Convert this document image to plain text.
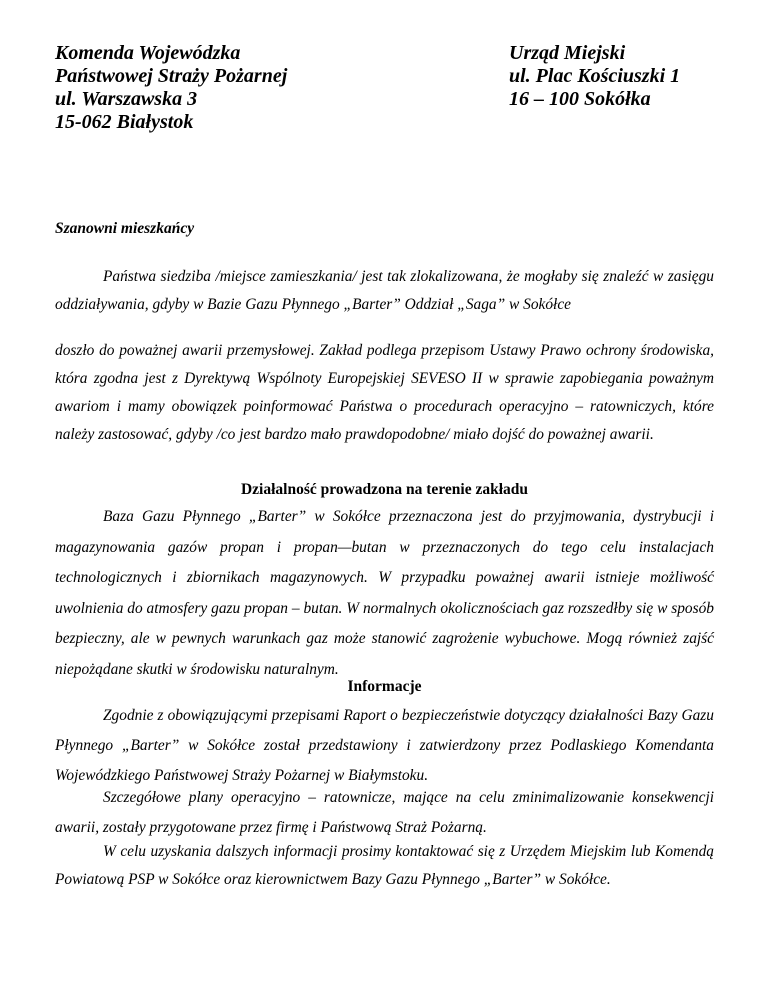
Komenda Wojewódzka
Państwowej Straży Pożarnej
ul. Warszawska 3
15-062 Białystok
Urząd Miejski
ul. Plac Kościuszki 1
16 – 100 Sokółka
Szanowni mieszkańcy

Państwa siedziba /miejsce zamieszkania/ jest tak zlokalizowana, że mogłaby się znaleźć w zasięgu oddziaływania, gdyby w Bazie Gazu Płynnego „Barter” Oddział „Saga” w Sokółce

doszło do poważnej awarii przemysłowej. Zakład podlega przepisom Ustawy Prawo ochrony środowiska, która zgodna jest z Dyrektywą Wspólnoty Europejskiej SEVESO II w sprawie zapobiegania poważnym awariom i mamy obowiązek poinformować Państwa o procedurach operacyjno – ratowniczych, które należy zastosować, gdyby /co jest bardzo mało prawdopodobne/ miało dojść do poważnej awarii.

Działalność prowadzona na terenie zakładu

Baza Gazu Płynnego „Barter” w Sokółce przeznaczona jest do przyjmowania, dystrybucji i magazynowania gazów propan i propan—butan w przeznaczonych do tego celu instalacjach technologicznych i zbiornikach magazynowych. W przypadku poważnej awarii istnieje możliwość uwolnienia do atmosfery gazu propan – butan. W normalnych okolicznościach gaz rozszedłby się w sposób bezpieczny, ale w pewnych warunkach gaz może stanowić zagrożenie wybuchowe. Mogą również zajść niepożądane skutki w środowisku naturalnym.

Informacje

Zgodnie z obowiązującymi przepisami Raport o bezpieczeństwie dotyczący działalności Bazy Gazu Płynnego „Barter” w Sokółce został przedstawiony i zatwierdzony przez Podlaskiego Komendanta Wojewódzkiego Państwowej Straży Pożarnej w Białymstoku.

Szczegółowe plany operacyjno – ratownicze, mające na celu zminimalizowanie konsekwencji awarii, zostały przygotowane przez firmę i Państwową Straż Pożarną.

W celu uzyskania dalszych informacji prosimy kontaktować się z Urzędem Miejskim lub Komendą Powiatową PSP w Sokółce oraz kierownictwem Bazy Gazu Płynnego „Barter” w Sokółce.
